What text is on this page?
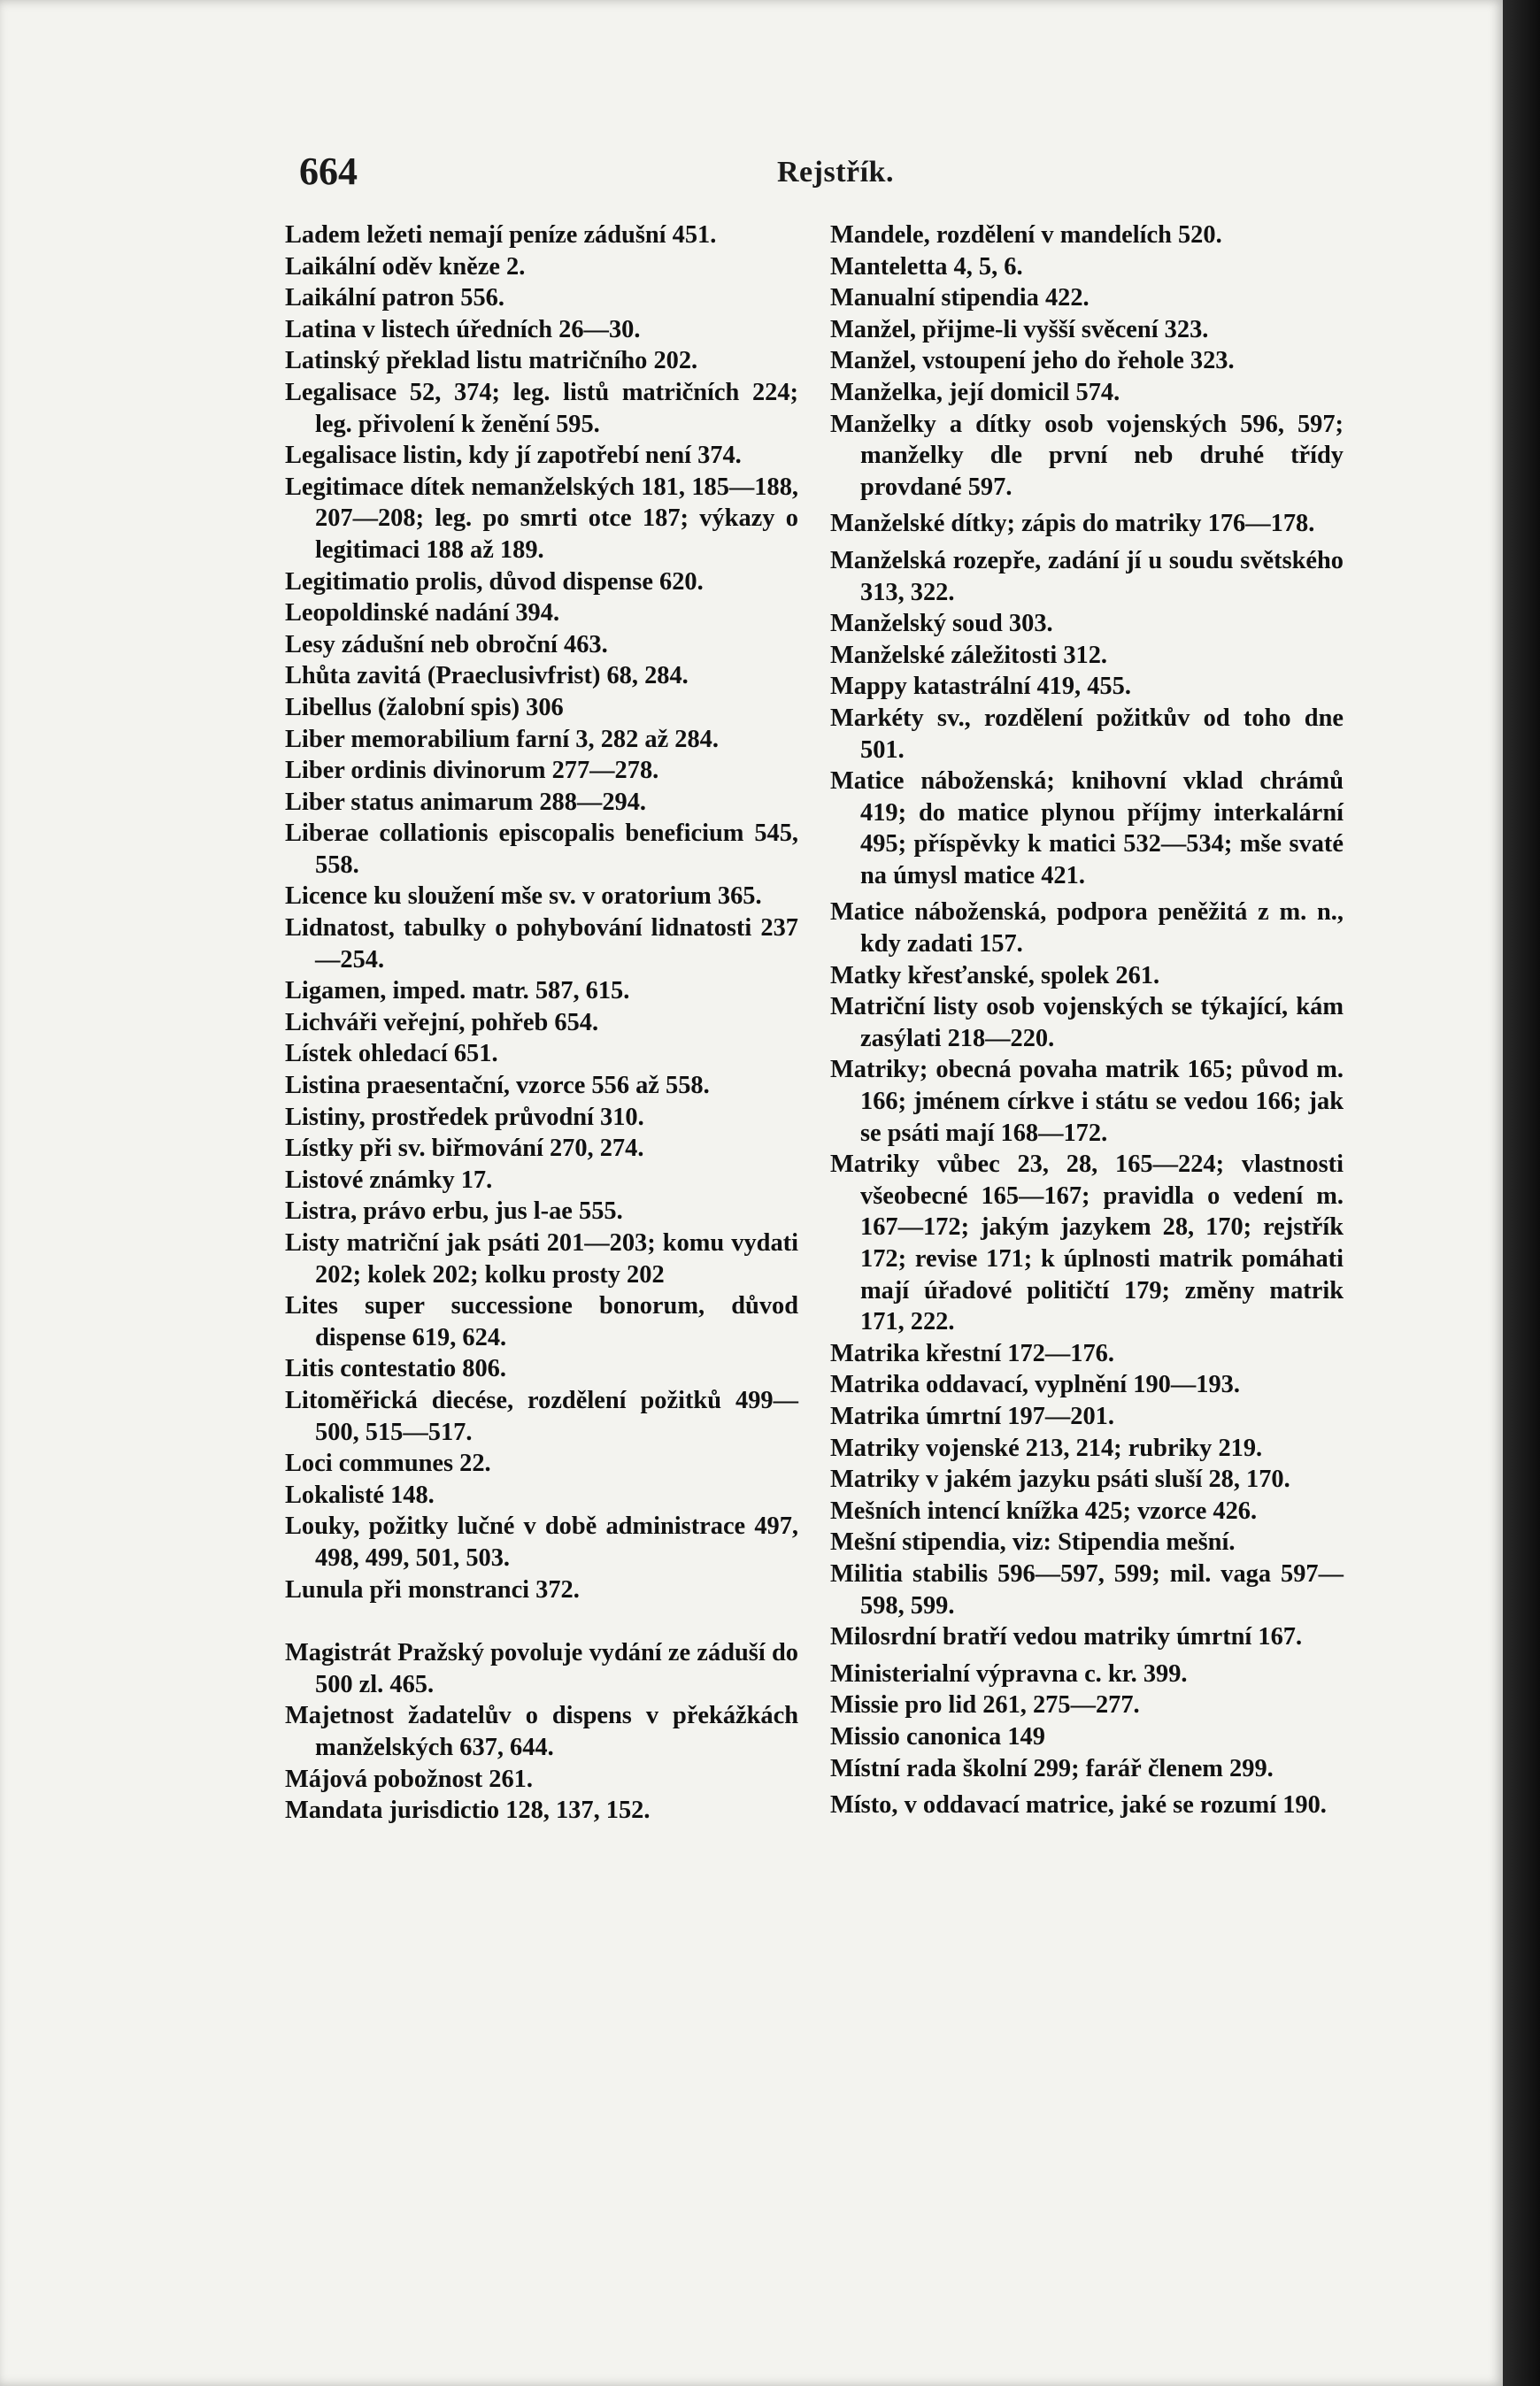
664	Rejstřík.

Ladem ležeti nemají peníze zádušní 451.

Laikální oděv kněze 2.

Laikální patron 556.

Latina v listech úředních 26—30.

Latinský překlad listu matričního 202.

Legalisace 52, 374; leg. listů matričních 224; leg. přivolení k ženění 595.

Legalisace listin, kdy jí zapotřebí není 374.

Legitimace dítek nemanželských 181, 185—188, 207—208; leg. po smrti otce 187; výkazy o legitimaci 188 až 189.

Legitimatio prolis, důvod dispense 620.

Leopoldinské nadání 394.

Lesy zádušní neb obroční 463.

Lhůta zavitá (Praeclusivfrist) 68, 284.

Libellus (žalobní spis) 306

Liber memorabilium farní 3, 282 až 284.

Liber ordinis divinorum 277—278.

Liber status animarum 288—294.

Liberae collationis episcopalis beneficium 545, 558.

Licence ku sloužení mše sv. v oratorium 365.

Lidnatost, tabulky o pohybování lidnatosti 237—254.

Ligamen, imped. matr. 587, 615.

Lichváři veřejní, pohřeb 654.

Lístek ohledací 651.

Listina praesentační, vzorce 556 až 558.

Listiny, prostředek průvodní 310.

Lístky při sv. biřmování 270, 274.

Listové známky 17.

Listra, právo erbu, jus l-ae 555.

Listy matriční jak psáti 201—203; komu vydati 202; kolek 202; kolku prosty 202

Lites super successione bonorum, důvod dispense 619, 624.

Litis contestatio 806.

Litoměřická diecése, rozdělení požitků 499—500, 515—517.

Loci communes 22.

Lokalisté 148.

Louky, požitky lučné v době administrace 497, 498, 499, 501, 503.

Lunula při monstranci 372.

Magistrát Pražský povoluje vydání ze záduší do 500 zl. 465.

Majetnost žadatelův o dispens v překážkách manželských 637, 644.

Májová pobožnost 261.

Mandata jurisdictio 128, 137, 152.

Mandele, rozdělení v mandelích 520.

Manteletta 4, 5, 6.

Manualní stipendia 422.

Manžel, přijme-li vyšší svěcení 323.

Manžel, vstoupení jeho do řehole 323.

Manželka, její domicil 574.

Manželky a dítky osob vojenských 596, 597; manželky dle první neb druhé třídy provdané 597.

Manželské dítky; zápis do matriky 176—178.

Manželská rozepře, zadání jí u soudu světského 313, 322.

Manželský soud 303.

Manželské záležitosti 312.

Mappy katastrální 419, 455.

Markéty sv., rozdělení požitkův od toho dne 501.

Matice náboženská; knihovní vklad chrámů 419; do matice plynou příjmy interkalární 495; příspěvky k matici 532—534; mše svaté na úmysl matice 421.

Matice náboženská, podpora peněžitá z m. n., kdy zadati 157.

Matky křesťanské, spolek 261.

Matriční listy osob vojenských se týkající, kám zasýlati 218—220.

Matriky; obecná povaha matrik 165; původ m. 166; jménem církve i státu se vedou 166; jak se psáti mají 168—172.

Matriky vůbec 23, 28, 165—224; vlastnosti všeobecné 165—167; pravidla o vedení m. 167—172; jakým jazykem 28, 170; rejstřík 172; revise 171; k úplnosti matrik pomáhati mají úřadové političtí 179; změny matrik 171, 222.

Matrika křestní 172—176.

Matrika oddavací, vyplnění 190—193.

Matrika úmrtní 197—201.

Matriky vojenské 213, 214; rubriky 219.

Matriky v jakém jazyku psáti sluší 28, 170.

Mešních intencí knížka 425; vzorce 426.

Mešní stipendia, viz: Stipendia mešní.

Militia stabilis 596—597, 599; mil. vaga 597—598, 599.

Milosrdní bratří vedou matriky úmrtní 167.

Ministerialní výpravna c. kr. 399.

Missie pro lid 261, 275—277.

Missio canonica 149

Místní rada školní 299; farář členem 299.

Místo, v oddavací matrice, jaké se rozumí 190.
